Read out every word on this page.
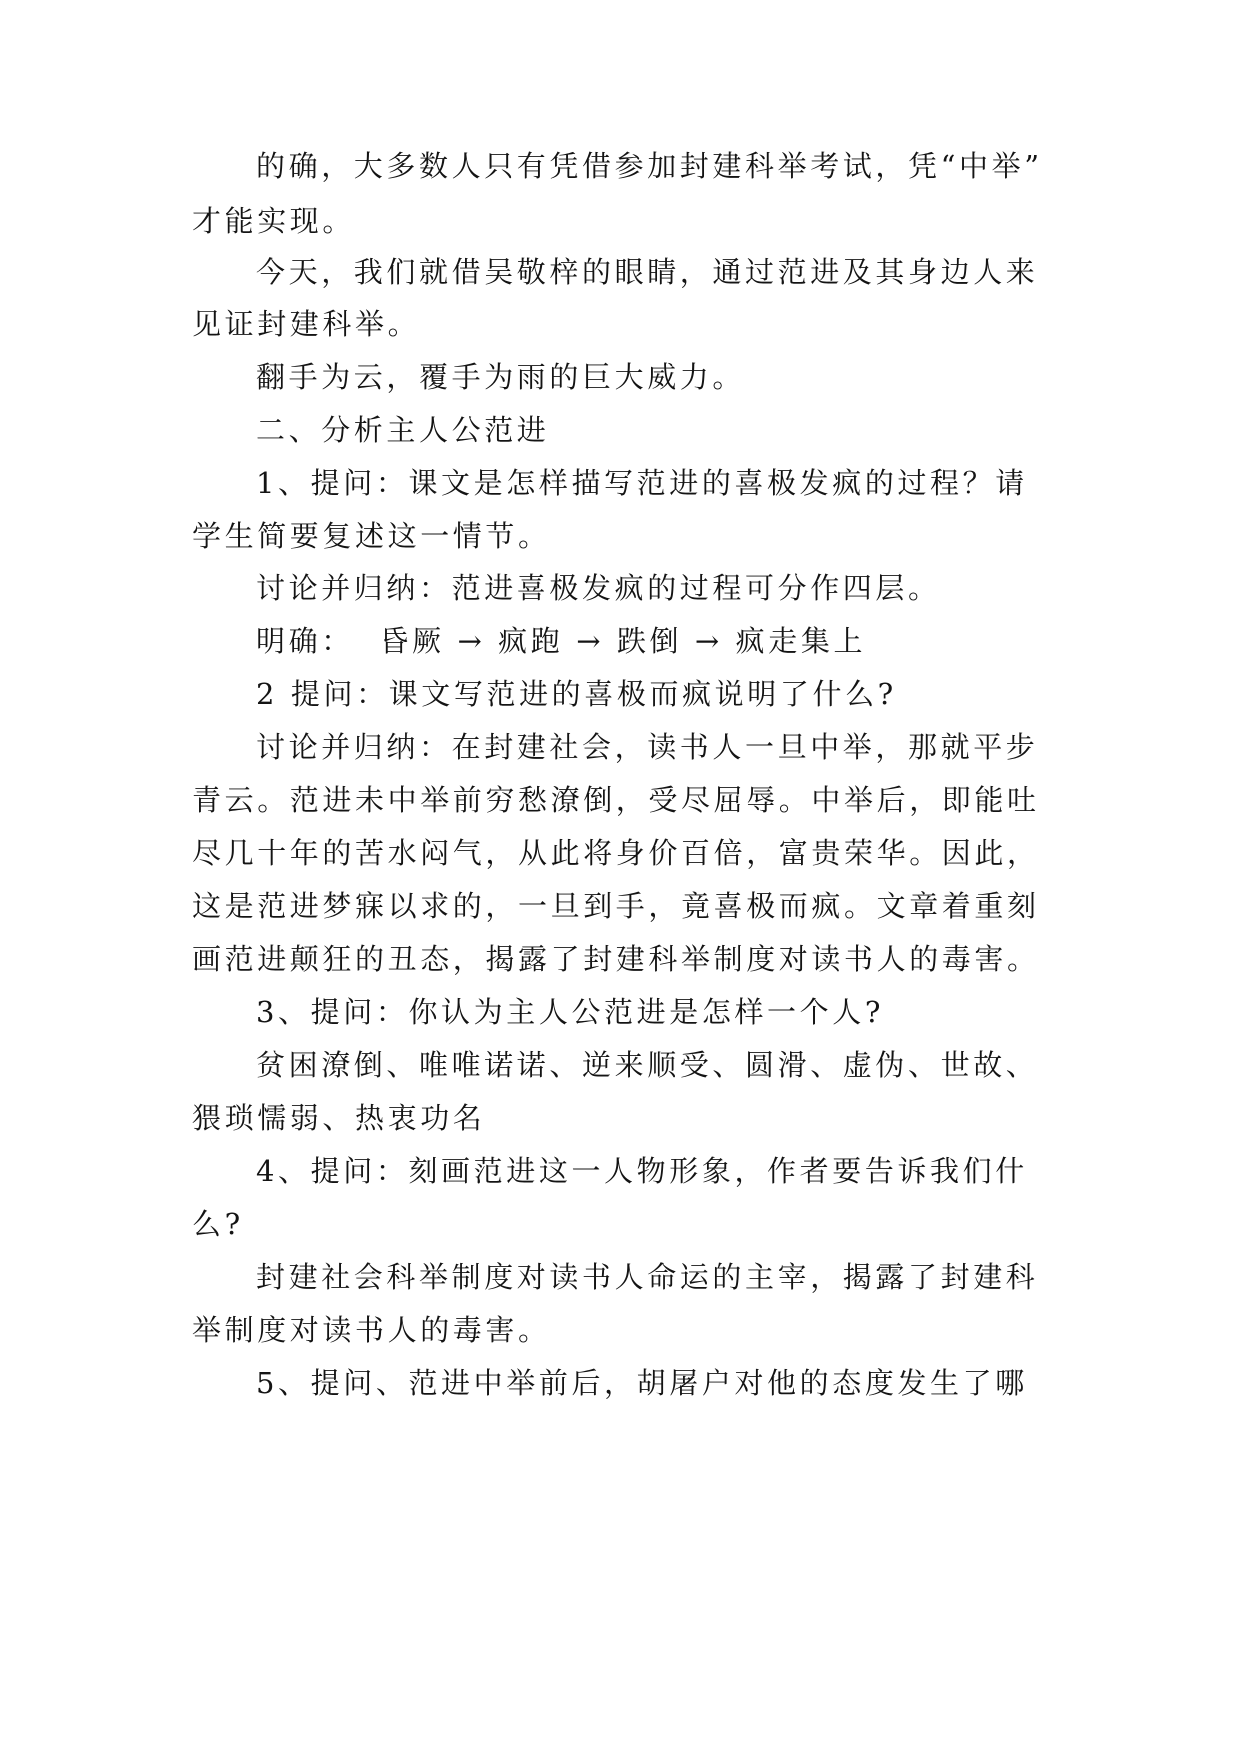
的确，大多数人只有凭借参加封建科举考试，凭“中举”
才能实现。
今天，我们就借吴敬梓的眼睛，通过范进及其身边人来
见证封建科举。
翻手为云，覆手为雨的巨大威力。
二、分析主人公范进
1、提问：课文是怎样描写范进的喜极发疯的过程？请
学生简要复述这一情节。
讨论并归纳：范进喜极发疯的过程可分作四层。
明确：  昏厥 → 疯跑 → 跌倒 → 疯走集上
2 提问：课文写范进的喜极而疯说明了什么?
讨论并归纳：在封建社会，读书人一旦中举，那就平步
青云。范进未中举前穷愁潦倒，受尽屈辱。中举后，即能吐
尽几十年的苦水闷气，从此将身价百倍，富贵荣华。因此，
这是范进梦寐以求的，一旦到手，竟喜极而疯。文章着重刻
画范进颠狂的丑态，揭露了封建科举制度对读书人的毒害。
3、提问：你认为主人公范进是怎样一个人?
贫困潦倒、唯唯诺诺、逆来顺受、圆滑、虚伪、世故、
猥琐懦弱、热衷功名
4、提问：刻画范进这一人物形象，作者要告诉我们什
么?
封建社会科举制度对读书人命运的主宰，揭露了封建科
举制度对读书人的毒害。
5、提问、范进中举前后，胡屠户对他的态度发生了哪
